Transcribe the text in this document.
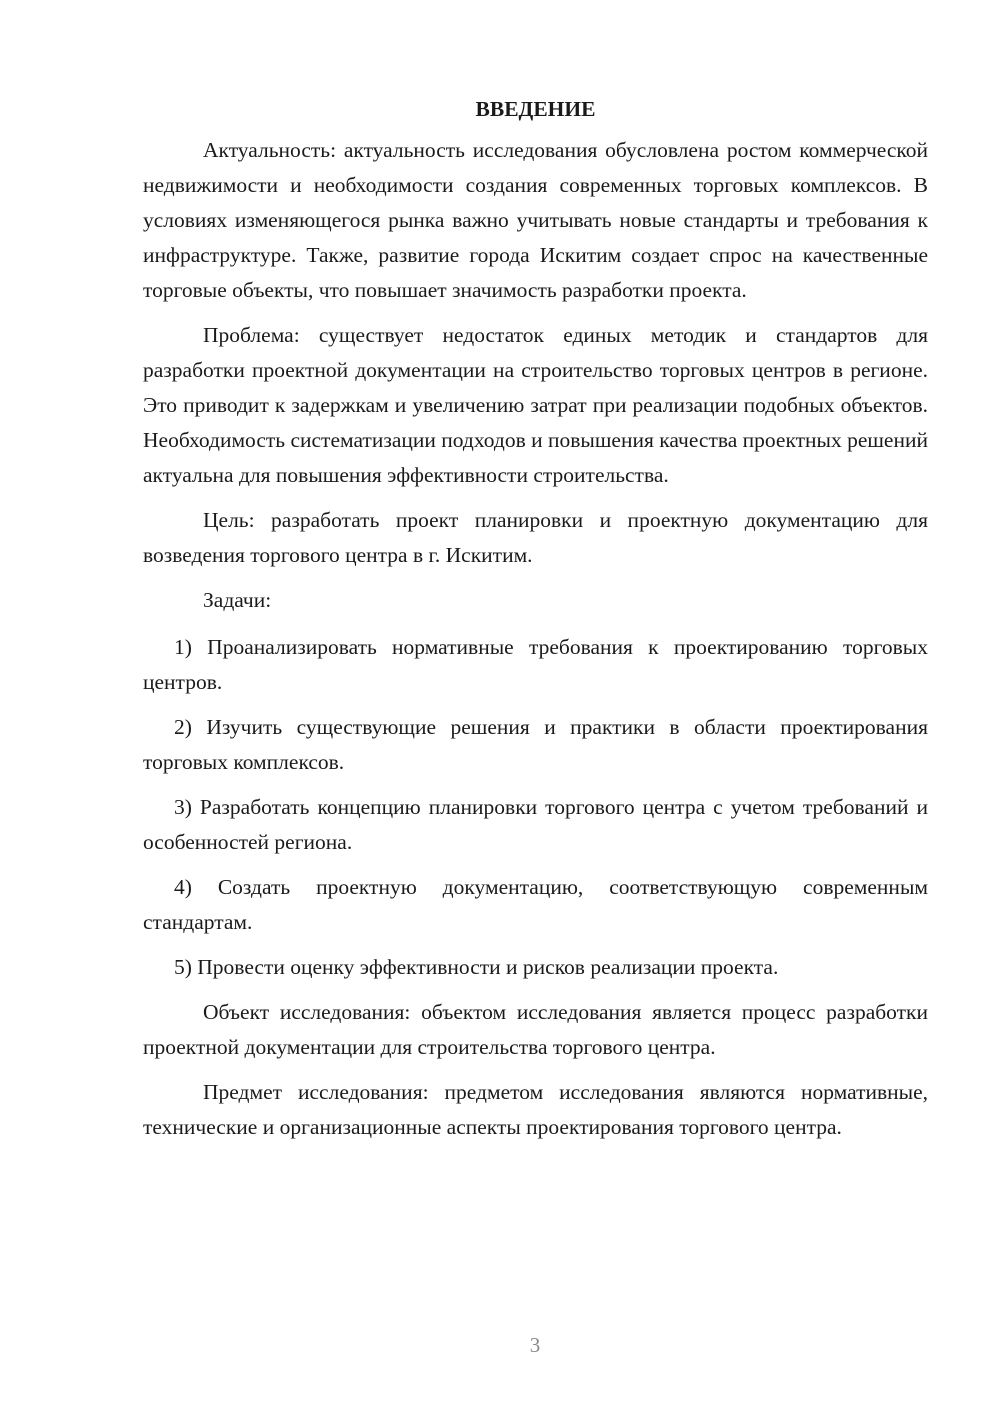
ВВЕДЕНИЕ

Актуальность: актуальность исследования обусловлена ростом коммерческой недвижимости и необходимости создания современных торговых комплексов. В условиях изменяющегося рынка важно учитывать новые стандарты и требования к инфраструктуре. Также, развитие города Искитим создает спрос на качественные торговые объекты, что повышает значимость разработки проекта.

Проблема: существует недостаток единых методик и стандартов для разработки проектной документации на строительство торговых центров в регионе. Это приводит к задержкам и увеличению затрат при реализации подобных объектов. Необходимость систематизации подходов и повышения качества проектных решений актуальна для повышения эффективности строительства.

Цель: разработать проект планировки и проектную документацию для возведения торгового центра в г. Искитим.

Задачи:

1) Проанализировать нормативные требования к проектированию торговых центров.

2) Изучить существующие решения и практики в области проектирования торговых комплексов.

3) Разработать концепцию планировки торгового центра с учетом требований и особенностей региона.

4) Создать проектную документацию, соответствующую современным стандартам.

5) Провести оценку эффективности и рисков реализации проекта.

Объект исследования: объектом исследования является процесс разработки проектной документации для строительства торгового центра.

Предмет исследования: предметом исследования являются нормативные, технические и организационные аспекты проектирования торгового центра.

3
